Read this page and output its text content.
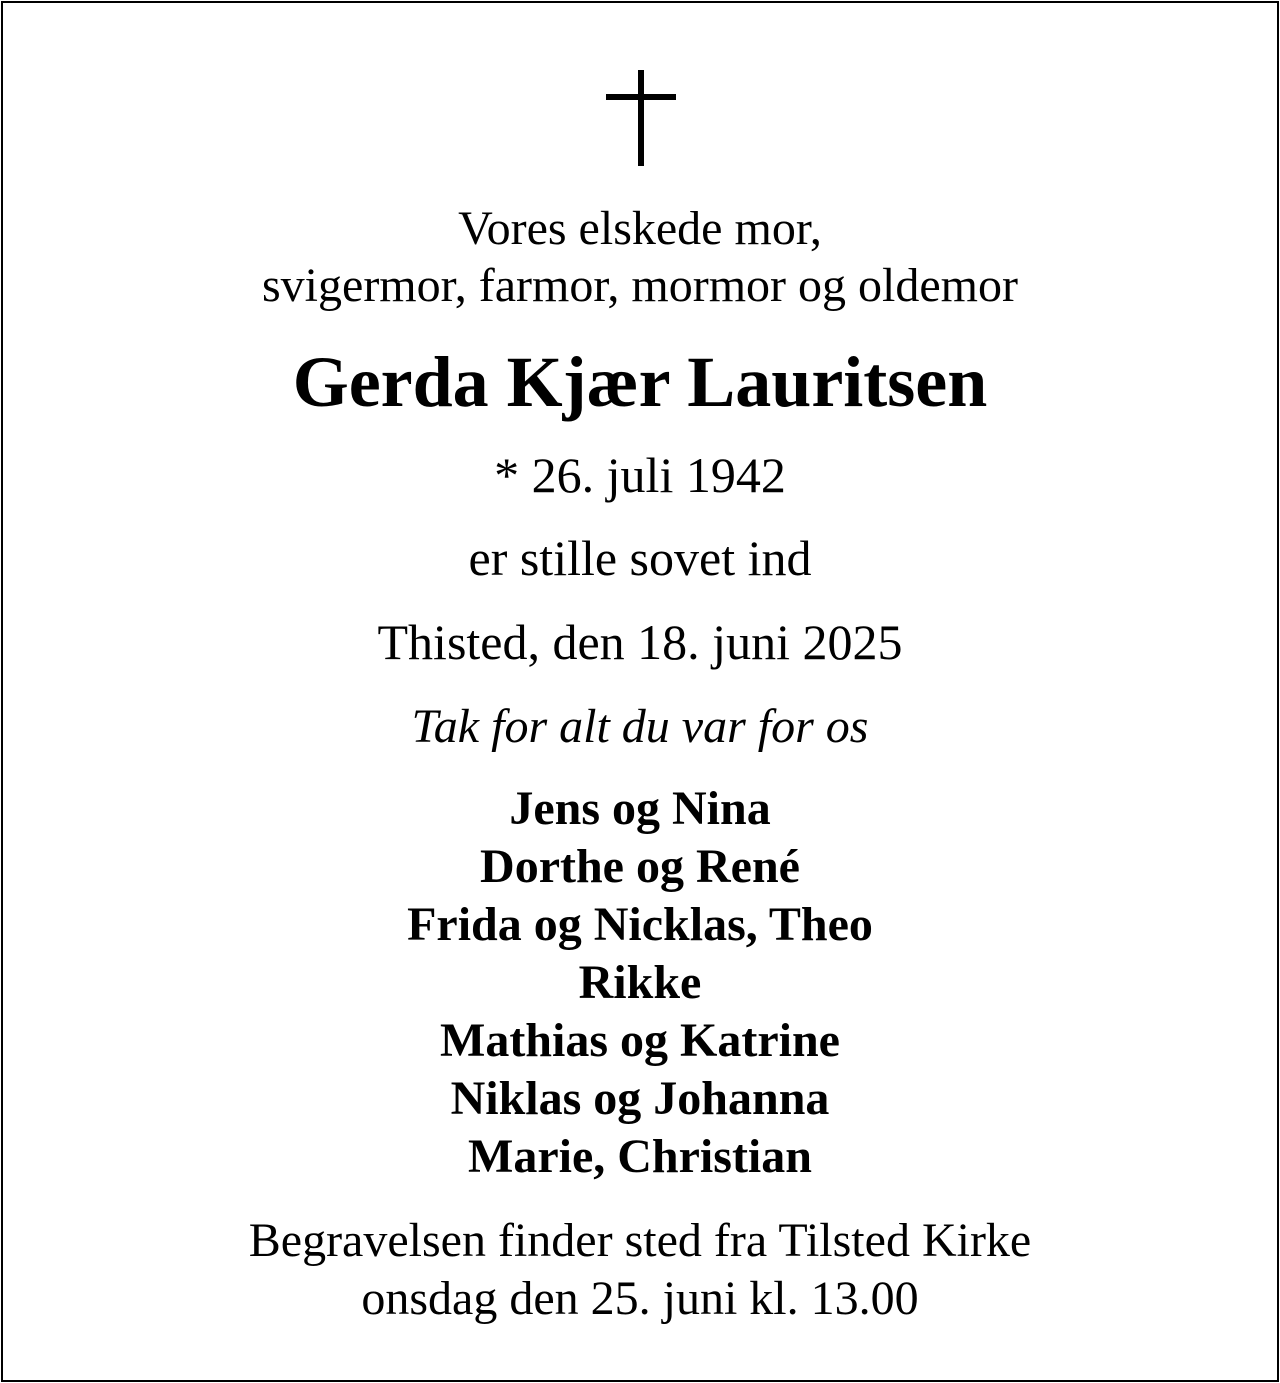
Vores elskede mor,
svigermor, farmor, mormor og oldemor
Gerda Kjær Lauritsen
* 26. juli 1942
er stille sovet ind
Thisted, den 18. juni 2025
Tak for alt du var for os
Jens og Nina
Dorthe og René
Frida og Nicklas, Theo
Rikke
Mathias og Katrine
Niklas og Johanna
Marie, Christian
Begravelsen finder sted fra Tilsted Kirke
onsdag den 25. juni kl. 13.00
